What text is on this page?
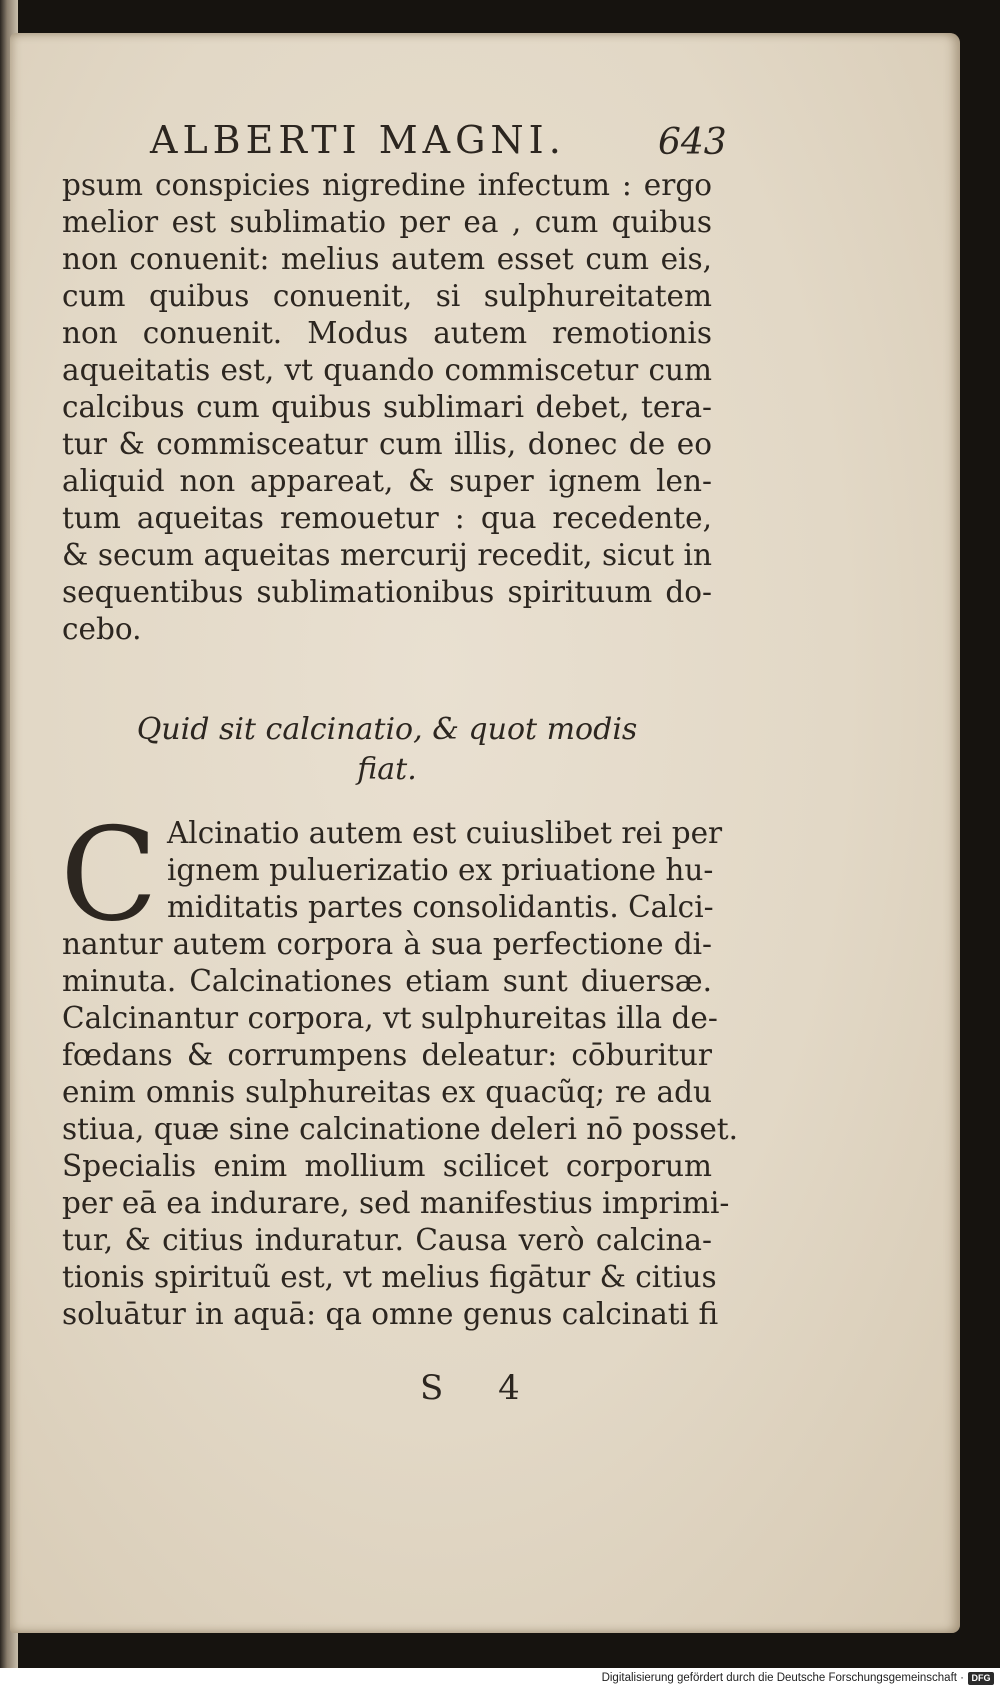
ALBERTI MAGNI.	643
psum conspicies nigredine infectum : ergo
melior est sublimatio per ea , cum quibus
non conuenit: melius autem esset cum eis,
cum quibus conuenit, si sulphureitatem
non conuenit. Modus autem remotionis
aqueitatis est, vt quando commiscetur cum
calcibus cum quibus sublimari debet, tera-
tur & commisceatur cum illis, donec de eo
aliquid non appareat, & super ignem len-
tum aqueitas remouetur : qua recedente,
& secum aqueitas mercurij recedit, sicut in
sequentibus sublimationibus spirituum do-
cebo.
Quid sit calcinatio, & quot modis
fiat.
C Alcinatio autem est cuiuslibet rei per
ignem puluerizatio ex priuatione hu-
miditatis partes consolidantis. Calci-
nantur autem corpora à sua perfectione di-
minuta. Calcinationes etiam sunt diuersæ.
Calcinantur corpora, vt sulphureitas illa de-
fœdans & corrumpens deleatur: cōburitur
enim omnis sulphureitas ex quacũq; re adu
stiua, quæ sine calcinatione deleri nō posset.
Specialis enim mollium scilicet corporum
per eā ea indurare, sed manifestius imprimi-
tur, & citius induratur. Causa verò calcina-
tionis spirituũ est, vt melius figātur & citius
soluātur in aquā: qa omne genus calcinati fi
S 4
Digitalisierung gefördert durch die Deutsche Forschungsgemeinschaft · DFG
